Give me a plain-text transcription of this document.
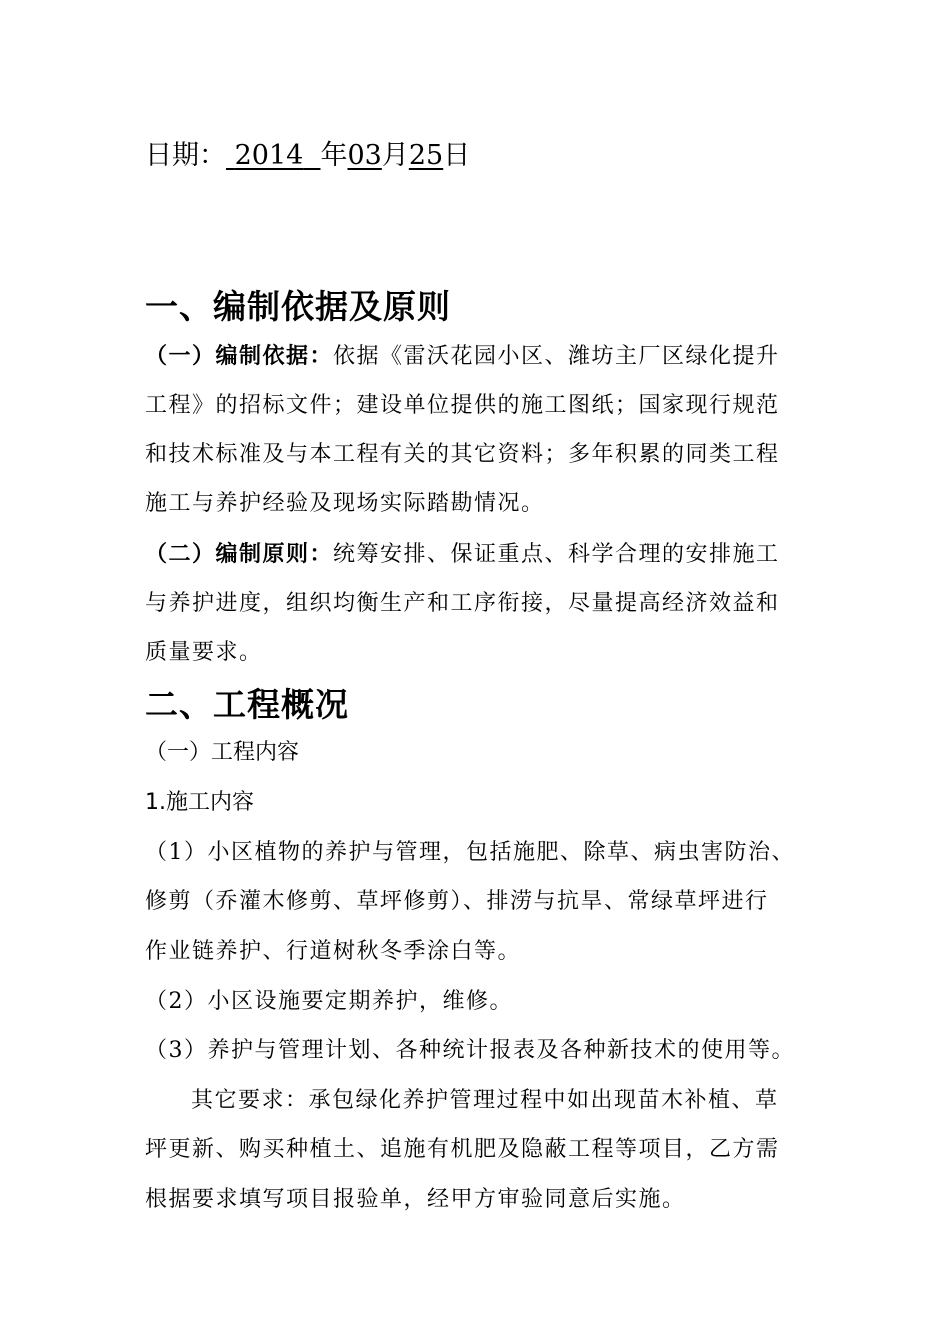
日期： 2014 年03月25日
一、编制依据及原则
（一）编制依据：依据《雷沃花园小区、潍坊主厂区绿化提升
工程》的招标文件；建设单位提供的施工图纸；国家现行规范
和技术标准及与本工程有关的其它资料；多年积累的同类工程
施工与养护经验及现场实际踏勘情况。
（二）编制原则：统筹安排、保证重点、科学合理的安排施工
与养护进度，组织均衡生产和工序衔接，尽量提高经济效益和
质量要求。
二、工程概况
（一）工程内容
1.施工内容
（1）小区植物的养护与管理，包括施肥、除草、病虫害防治、
修剪（乔灌木修剪、草坪修剪）、排涝与抗旱、常绿草坪进行
作业链养护、行道树秋冬季涂白等。
（2）小区设施要定期养护，维修。
（3）养护与管理计划、各种统计报表及各种新技术的使用等。
其它要求：承包绿化养护管理过程中如出现苗木补植、草
坪更新、购买种植土、追施有机肥及隐蔽工程等项目，乙方需
根据要求填写项目报验单，经甲方审验同意后实施。
